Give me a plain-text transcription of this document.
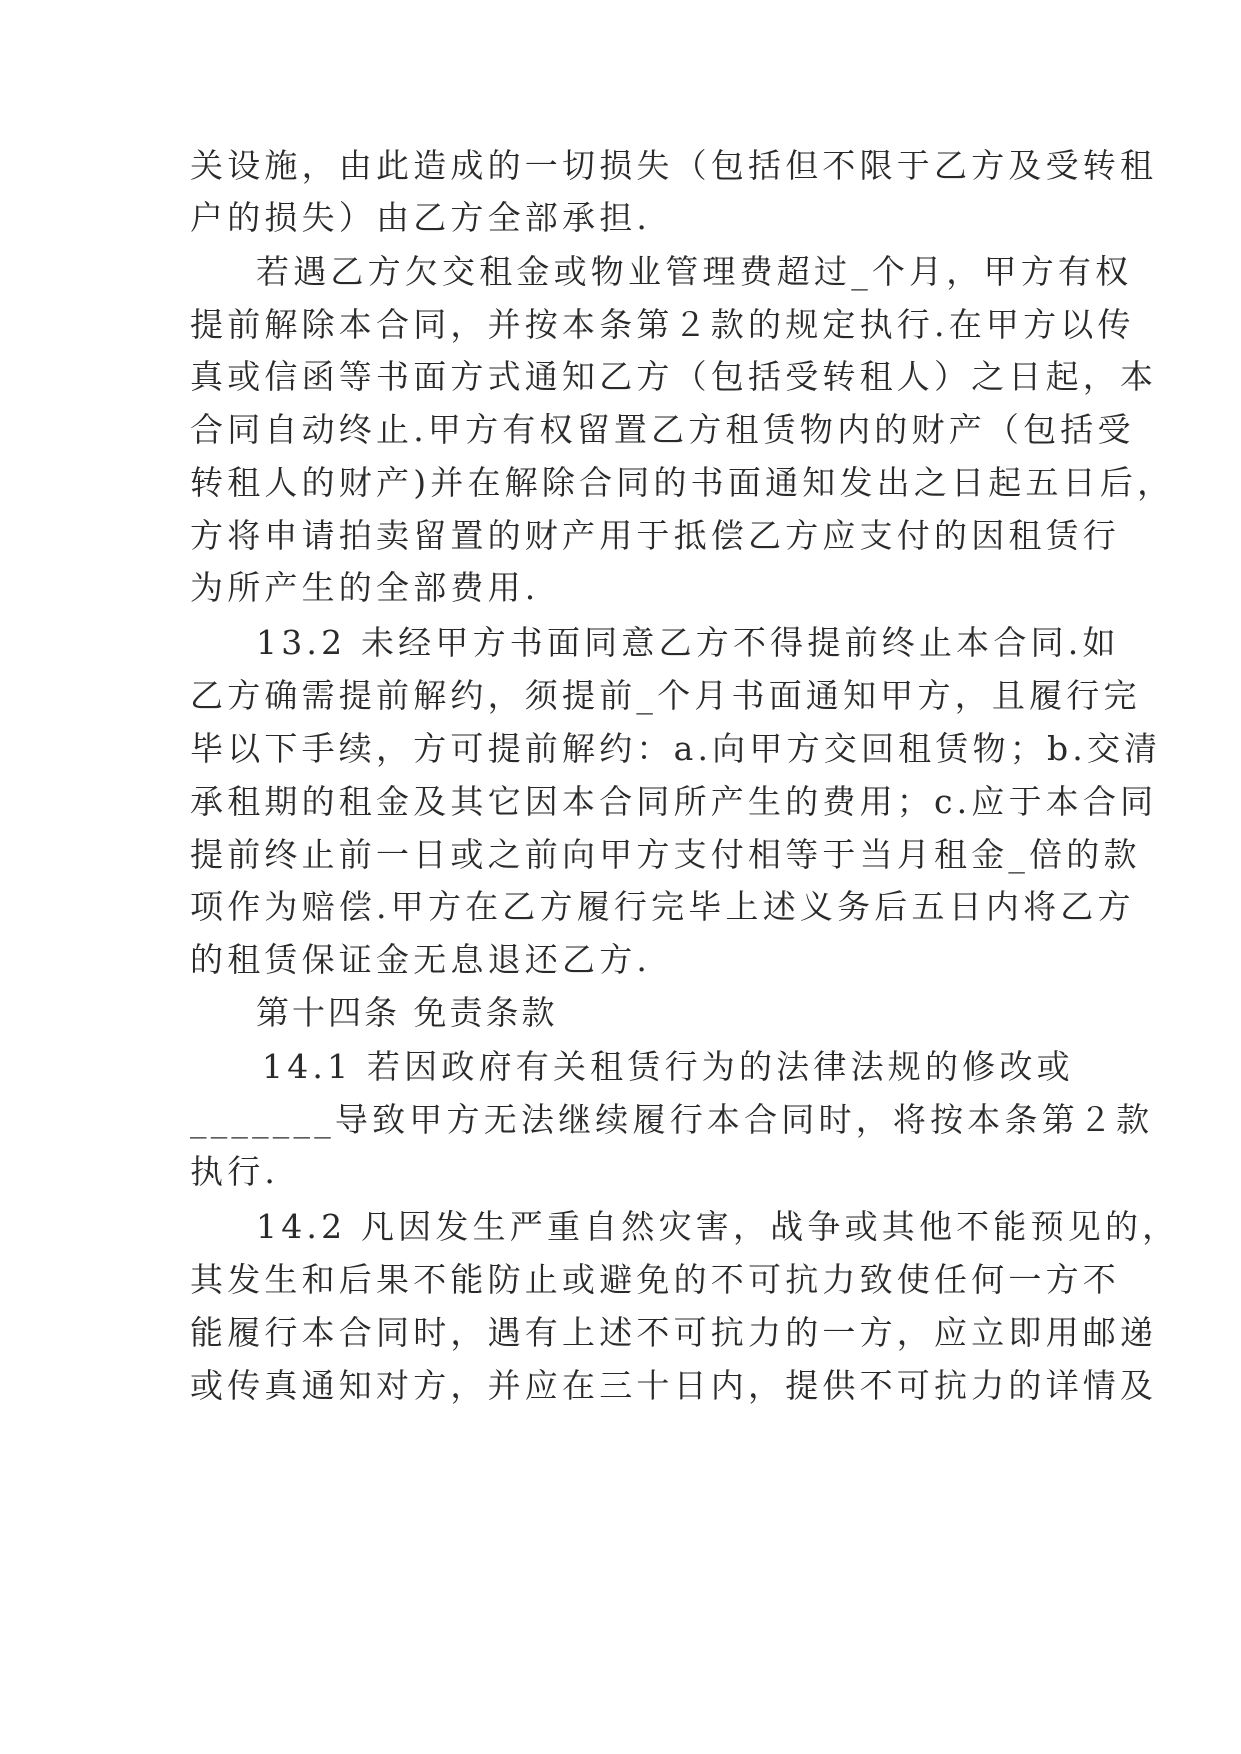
关设施，由此造成的一切损失（包括但不限于乙方及受转租
户的损失）由乙方全部承担.
若遇乙方欠交租金或物业管理费超过_个月，甲方有权
提前解除本合同，并按本条第２款的规定执行.在甲方以传
真或信函等书面方式通知乙方（包括受转租人）之日起，本
合同自动终止.甲方有权留置乙方租赁物内的财产（包括受
转租人的财产)并在解除合同的书面通知发出之日起五日后，
方将申请拍卖留置的财产用于抵偿乙方应支付的因租赁行
为所产生的全部费用.
13.2 未经甲方书面同意乙方不得提前终止本合同.如
乙方确需提前解约，须提前_个月书面通知甲方，且履行完
毕以下手续，方可提前解约：a.向甲方交回租赁物；b.交清
承租期的租金及其它因本合同所产生的费用；c.应于本合同
提前终止前一日或之前向甲方支付相等于当月租金_倍的款
项作为赔偿.甲方在乙方履行完毕上述义务后五日内将乙方
的租赁保证金无息退还乙方.
第十四条 免责条款
14.1 若因政府有关租赁行为的法律法规的修改或
_______导致甲方无法继续履行本合同时，将按本条第２款
执行.
14.2 凡因发生严重自然灾害，战争或其他不能预见的，
其发生和后果不能防止或避免的不可抗力致使任何一方不
能履行本合同时，遇有上述不可抗力的一方，应立即用邮递
或传真通知对方，并应在三十日内，提供不可抗力的详情及
